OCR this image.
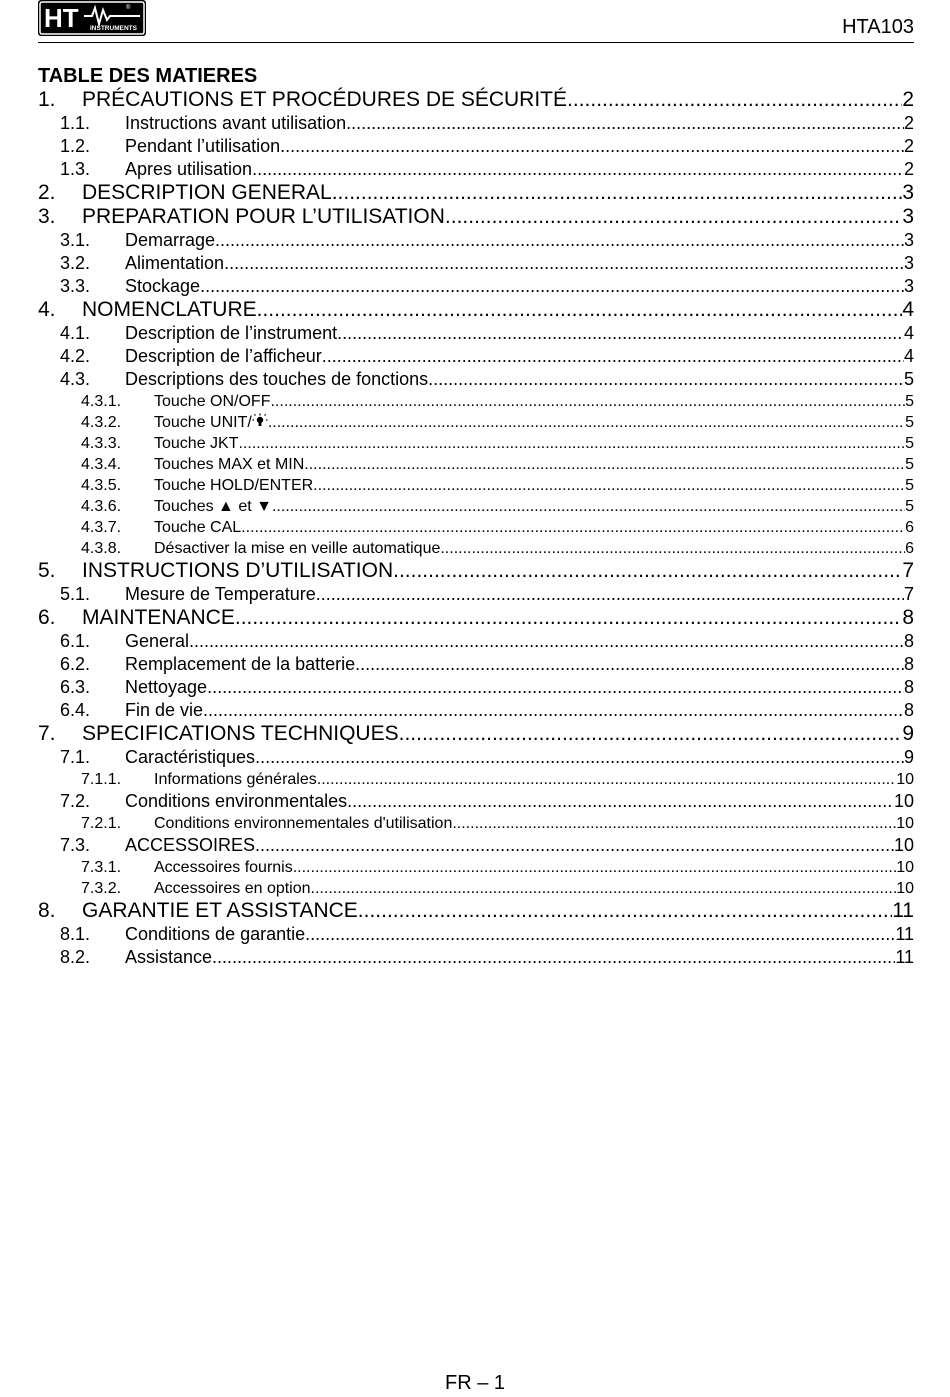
HT	®
INSTRUMENTS	HTA103
TABLE DES MATIERES
1.	PRÉCAUTIONS ET PROCÉDURES DE SÉCURITÉ .....	2
1.1.	Instructions avant utilisation .....	2
1.2.	Pendant l’utilisation .....	2
1.3.	Apres utilisation .....	2
2.	DESCRIPTION GENERAL .....	3
3.	PREPARATION POUR L’UTILISATION .....	3
3.1.	Demarrage .....	3
3.2.	Alimentation .....	3
3.3.	Stockage .....	3
4.	NOMENCLATURE .....	4
4.1.	Description de l’instrument .....	4
4.2.	Description de l’afficheur .....	4
4.3.	Descriptions des touches de fonctions .....	5
4.3.1.	Touche ON/OFF .....	5
4.3.2.	Touche UNIT/ .....	5
4.3.3.	Touche JKT .....	5
4.3.4.	Touches MAX et MIN .....	5
4.3.5.	Touche HOLD/ENTER .....	5
4.3.6.	Touches ▲ et ▼ .....	5
4.3.7.	Touche CAL .....	6
4.3.8.	Désactiver la mise en veille automatique .....	6
5.	INSTRUCTIONS D’UTILISATION .....	7
5.1.	Mesure de Temperature .....	7
6.	MAINTENANCE .....	8
6.1.	General .....	8
6.2.	Remplacement de la batterie .....	8
6.3.	Nettoyage .....	8
6.4.	Fin de vie .....	8
7.	SPECIFICATIONS TECHNIQUES .....	9
7.1.	Caractéristiques .....	9
7.1.1.	Informations générales .....	10
7.2.	Conditions environmentales .....	10
7.2.1.	Conditions environnementales d'utilisation .....	10
7.3.	ACCESSOIRES .....	10
7.3.1.	Accessoires fournis .....	10
7.3.2.	Accessoires en option .....	10
8.	GARANTIE ET ASSISTANCE .....	11
8.1.	Conditions de garantie .....	11
8.2.	Assistance .....	11
FR – 1
